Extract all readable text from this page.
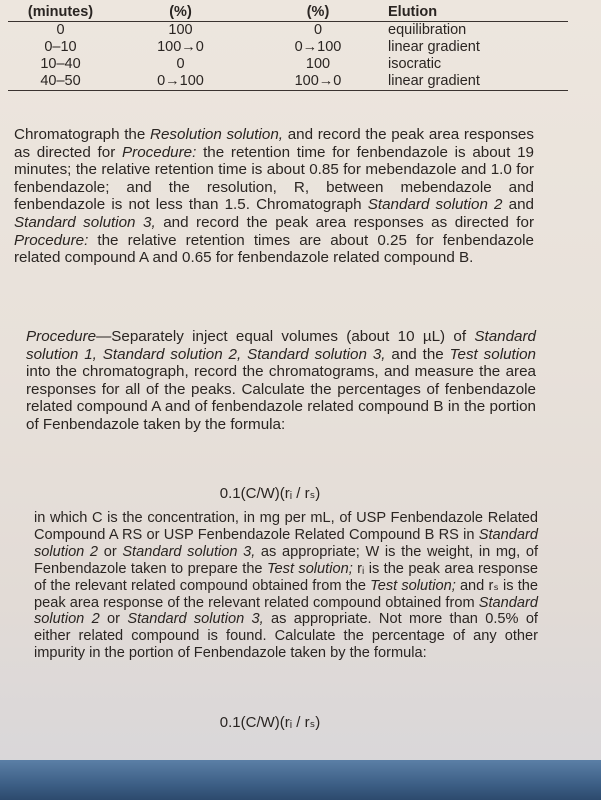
(minutes)	(%)	(%)	Elution
0	100	0	equilibration
0–10	100→0	0→100	linear gradient
10–40	0	100	isocratic
40–50	0→100	100→0	linear gradient
Chromatograph the Resolution solution, and record the peak area responses as directed for Procedure: the retention time for fenbendazole is about 19 minutes; the relative retention time is about 0.85 for mebendazole and 1.0 for fenbendazole; and the resolution, R, between mebendazole and fenbendazole is not less than 1.5. Chromatograph Standard solution 2 and Standard solution 3, and record the peak area responses as directed for Procedure: the relative retention times are about 0.25 for fenbendazole related compound A and 0.65 for fenbendazole related compound B.
Procedure—Separately inject equal volumes (about 10 µL) of Standard solution 1, Standard solution 2, Standard solution 3, and the Test solution into the chromatograph, record the chromatograms, and measure the area responses for all of the peaks. Calculate the percentages of fenbendazole related compound A and of fenbendazole related compound B in the portion of Fenbendazole taken by the formula:
0.1(C/W)(rᵢ / rₛ)
in which C is the concentration, in mg per mL, of USP Fenbendazole Related Compound A RS or USP Fenbendazole Related Compound B RS in Standard solution 2 or Standard solution 3, as appropriate; W is the weight, in mg, of Fenbendazole taken to prepare the Test solution; rᵢ is the peak area response of the relevant related compound obtained from the Test solution; and rₛ is the peak area response of the relevant related compound obtained from Standard solution 2 or Standard solution 3, as appropriate. Not more than 0.5% of either related compound is found. Calculate the percentage of any other impurity in the portion of Fenbendazole taken by the formula:
0.1(C/W)(rᵢ / rₛ)
